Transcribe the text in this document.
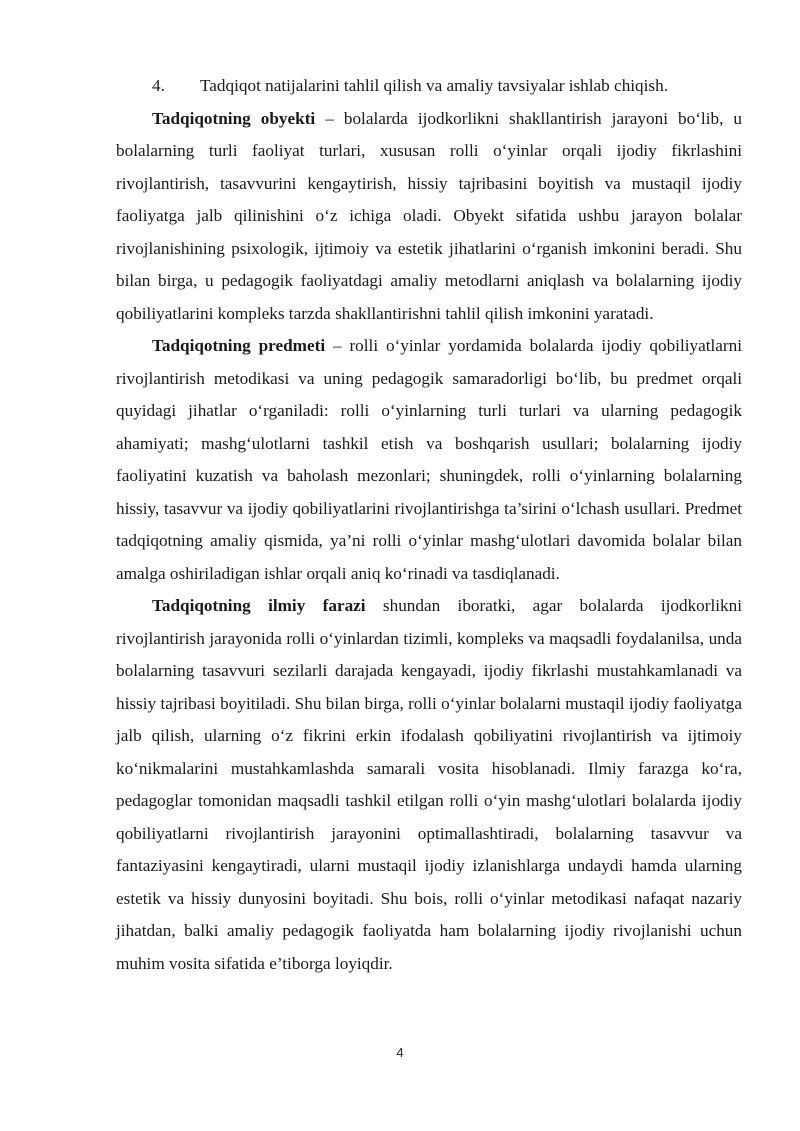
4. Tadqiqot natijalarini tahlil qilish va amaliy tavsiyalar ishlab chiqish.

Tadqiqotning obyekti – bolalarda ijodkorlikni shakllantirish jarayoni bo‘lib, u bolalarning turli faoliyat turlari, xususan rolli o‘yinlar orqali ijodiy fikrlashini rivojlantirish, tasavvurini kengaytirish, hissiy tajribasini boyitish va mustaqil ijodiy faoliyatga jalb qilinishini o‘z ichiga oladi. Obyekt sifatida ushbu jarayon bolalar rivojlanishining psixologik, ijtimoiy va estetik jihatlarini o‘rganish imkonini beradi. Shu bilan birga, u pedagogik faoliyatdagi amaliy metodlarni aniqlash va bolalarning ijodiy qobiliyatlarini kompleks tarzda shakllantirishni tahlil qilish imkonini yaratadi.

Tadqiqotning predmeti – rolli o‘yinlar yordamida bolalarda ijodiy qobiliyatlarni rivojlantirish metodikasi va uning pedagogik samaradorligi bo‘lib, bu predmet orqali quyidagi jihatlar o‘rganiladi: rolli o‘yinlarning turli turlari va ularning pedagogik ahamiyati; mashg‘ulotlarni tashkil etish va boshqarish usullari; bolalarning ijodiy faoliyatini kuzatish va baholash mezonlari; shuningdek, rolli o‘yinlarning bolalarning hissiy, tasavvur va ijodiy qobiliyatlarini rivojlantirishga ta’sirini o‘lchash usullari. Predmet tadqiqotning amaliy qismida, ya’ni rolli o‘yinlar mashg‘ulotlari davomida bolalar bilan amalga oshiriladigan ishlar orqali aniq ko‘rinadi va tasdiqlanadi.

Tadqiqotning ilmiy farazi shundan iboratki, agar bolalarda ijodkorlikni rivojlantirish jarayonida rolli o‘yinlardan tizimli, kompleks va maqsadli foydalanilsa, unda bolalarning tasavvuri sezilarli darajada kengayadi, ijodiy fikrlashi mustahkamlanadi va hissiy tajribasi boyitiladi. Shu bilan birga, rolli o‘yinlar bolalarni mustaqil ijodiy faoliyatga jalb qilish, ularning o‘z fikrini erkin ifodalash qobiliyatini rivojlantirish va ijtimoiy ko‘nikmalarini mustahkamlashda samarali vosita hisoblanadi. Ilmiy farazga ko‘ra, pedagoglar tomonidan maqsadli tashkil etilgan rolli o‘yin mashg‘ulotlari bolalarda ijodiy qobiliyatlarni rivojlantirish jarayonini optimallashtiradi, bolalarning tasavvur va fantaziyasini kengaytiradi, ularni mustaqil ijodiy izlanishlarga undaydi hamda ularning estetik va hissiy dunyosini boyitadi. Shu bois, rolli o‘yinlar metodikasi nafaqat nazariy jihatdan, balki amaliy pedagogik faoliyatda ham bolalarning ijodiy rivojlanishi uchun muhim vosita sifatida e’tiborga loyiqdir.

4
